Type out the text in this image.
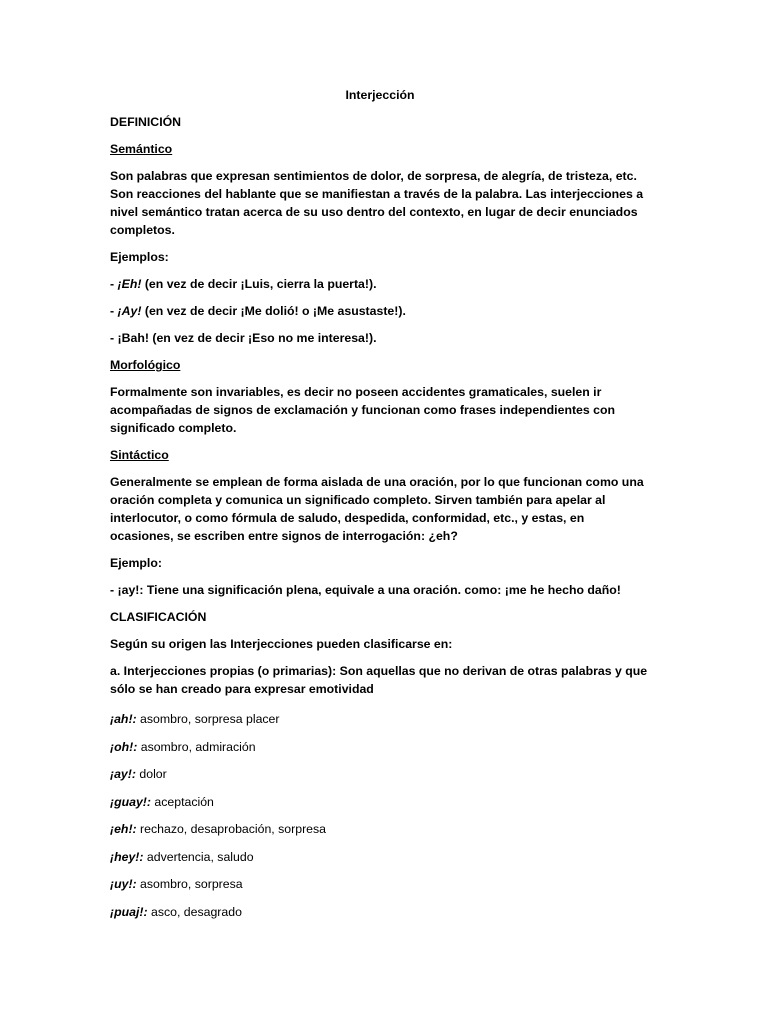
Interjección
DEFINICIÓN
Semántico
Son palabras que expresan sentimientos de dolor, de sorpresa, de alegría, de tristeza, etc. Son reacciones del hablante que se manifiestan a través de la palabra. Las interjecciones a nivel semántico tratan acerca de su uso dentro del contexto, en lugar de decir enunciados completos.
Ejemplos:
- ¡Eh! (en vez de decir ¡Luis, cierra la puerta!).
- ¡Ay! (en vez de decir ¡Me dolió! o ¡Me asustaste!).
- ¡Bah! (en vez de decir ¡Eso no me interesa!).
Morfológico
Formalmente son invariables, es decir no poseen accidentes gramaticales, suelen ir acompañadas de signos de exclamación y funcionan como frases independientes con significado completo.
Sintáctico
Generalmente se emplean de forma aislada de una oración, por lo que funcionan como una oración completa y comunica un significado completo. Sirven también para apelar al interlocutor, o como fórmula de saludo, despedida, conformidad, etc., y estas, en ocasiones, se escriben entre signos de interrogación: ¿eh?
Ejemplo:
- ¡ay!: Tiene una significación plena, equivale a una oración. como: ¡me he hecho daño!
CLASIFICACIÓN
Según su origen las Interjecciones pueden clasificarse en:
a. Interjecciones propias (o primarias): Son aquellas que no derivan de otras palabras y que sólo se han creado para expresar emotividad
¡ah!: asombro, sorpresa placer
¡oh!: asombro, admiración
¡ay!: dolor
¡guay!: aceptación
¡eh!: rechazo, desaprobación, sorpresa
¡hey!: advertencia, saludo
¡uy!: asombro, sorpresa
¡puaj!: asco, desagrado
